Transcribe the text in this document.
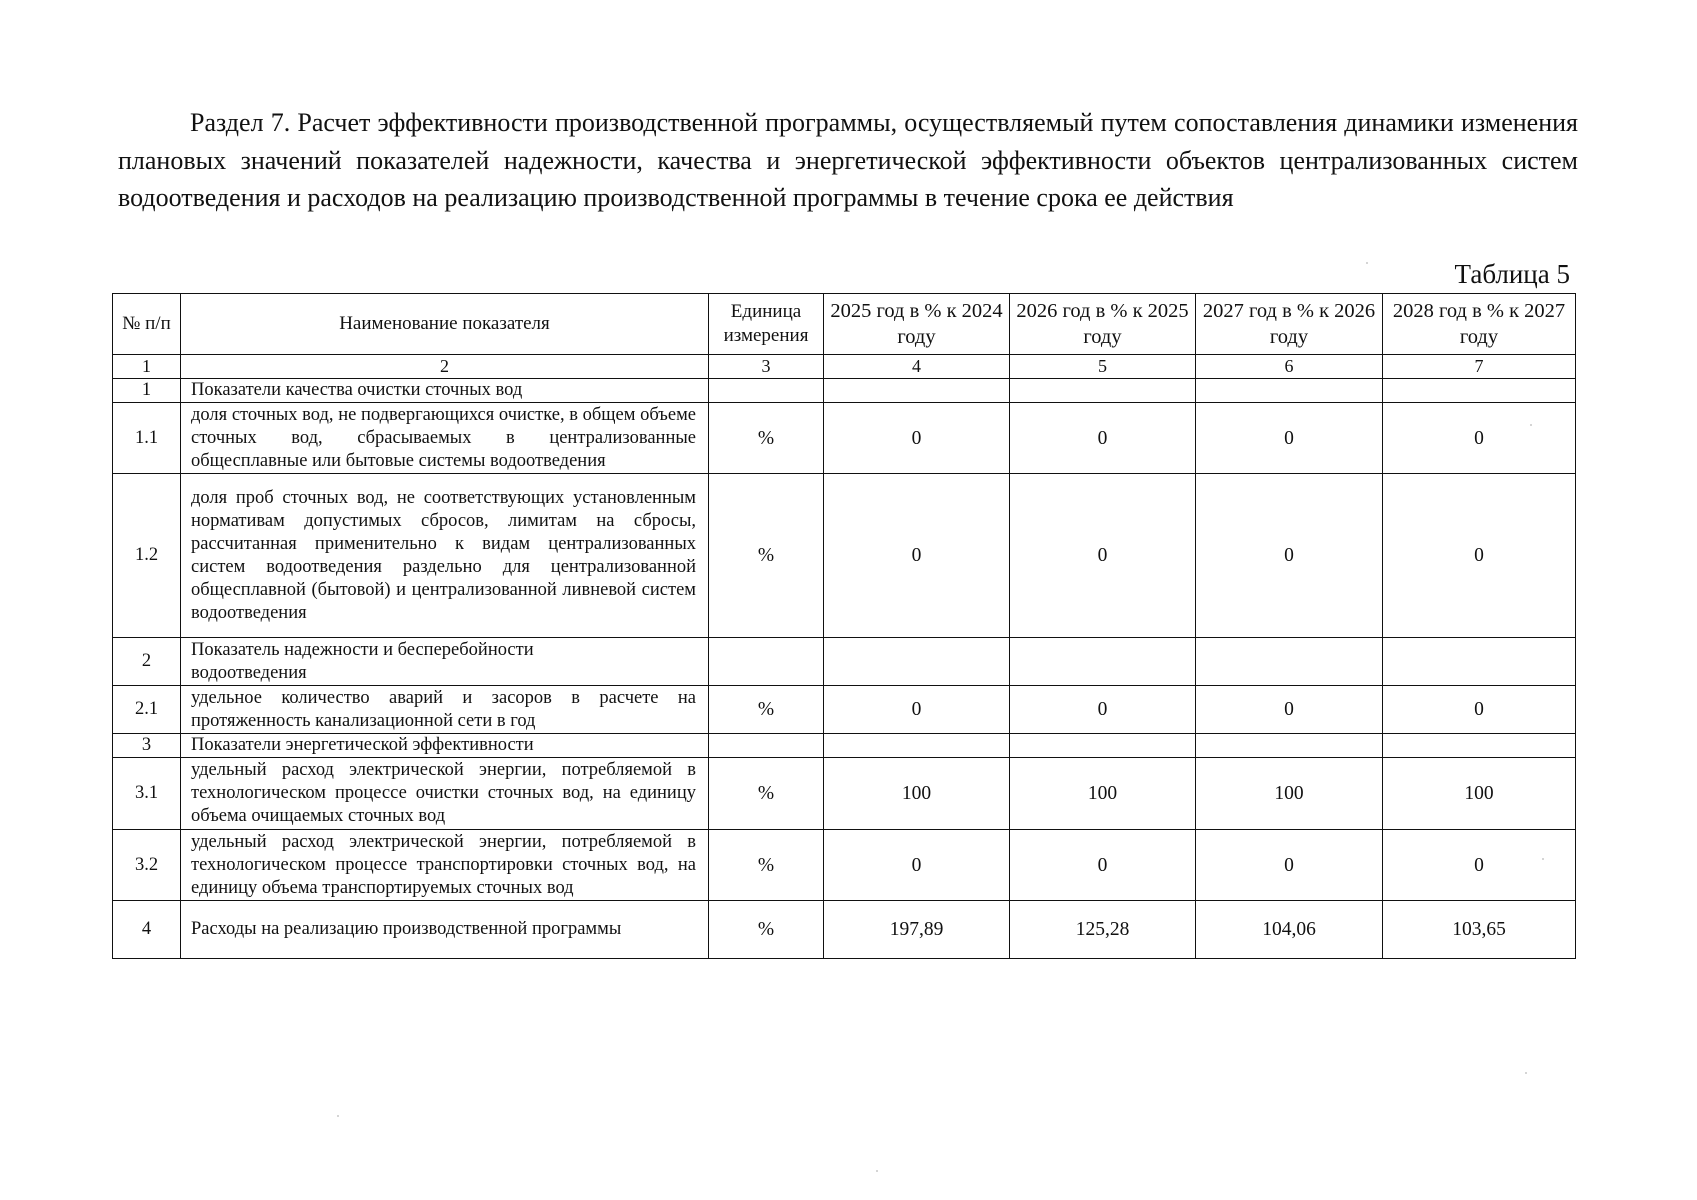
Раздел 7. Расчет эффективности производственной программы, осуществляемый путем сопоставления динамики изменения плановых значений показателей надежности, качества и энергетической эффективности объектов централизованных систем водоотведения и расходов на реализацию производственной программы в течение срока ее действия

Таблица 5

№ п/п	Наименование показателя	Единица измерения	2025 год в % к 2024 году	2026 год в % к 2025 году	2027 год в % к 2026 году	2028 год в % к 2027 году
1	2	3	4	5	6	7
1	Показатели качества очистки сточных вод					
1.1	доля сточных вод, не подвергающихся очистке, в общем объеме сточных вод, сбрасываемых в централизованные общесплавные или бытовые системы водоотведения	%	0	0	0	0
1.2	доля проб сточных вод, не соответствующих установленным нормативам допустимых сбросов, лимитам на сбросы, рассчитанная применительно к видам централизованных систем водоотведения раздельно для централизованной общесплавной (бытовой) и централизованной ливневой систем водоотведения	%	0	0	0	0
2	Показатель надежности и бесперебойности водоотведения					
2.1	удельное количество аварий и засоров в расчете на протяженность канализационной сети в год	%	0	0	0	0
3	Показатели энергетической эффективности					
3.1	удельный расход электрической энергии, потребляемой в технологическом процессе очистки сточных вод, на единицу объема очищаемых сточных вод	%	100	100	100	100
3.2	удельный расход электрической энергии, потребляемой в технологическом процессе транспортировки сточных вод, на единицу объема транспортируемых сточных вод	%	0	0	0	0
4	Расходы на реализацию производственной программы	%	197,89	125,28	104,06	103,65
